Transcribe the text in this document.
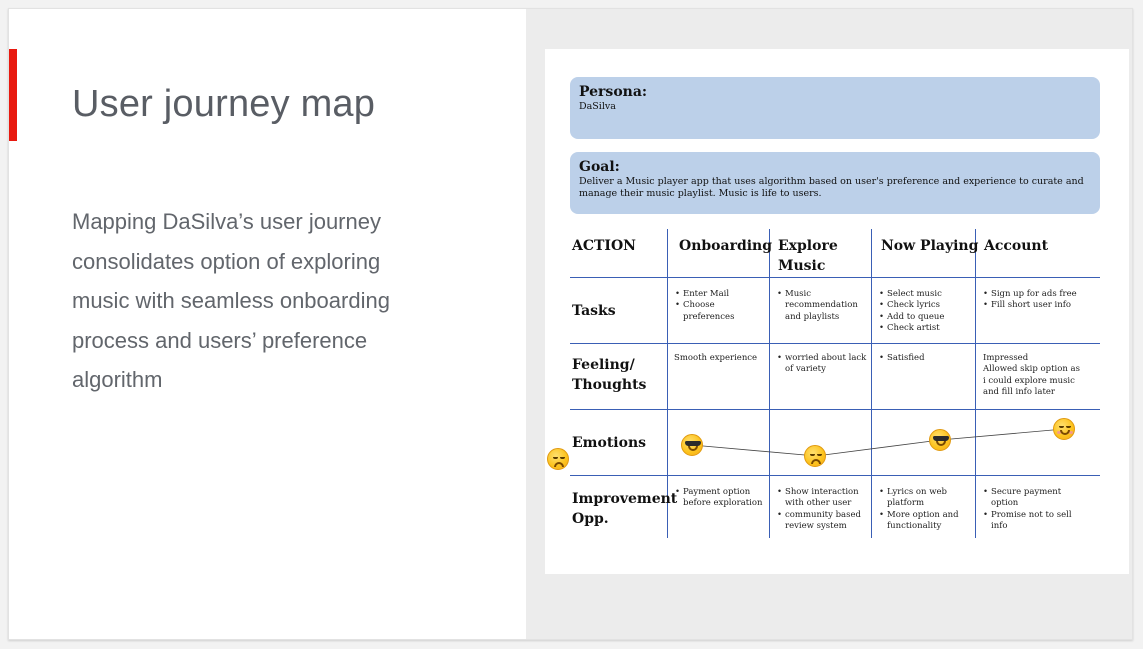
User journey map

Mapping DaSilva’s user journey consolidates option of exploring music with seamless onboarding process and users’ preference algorithm

Persona:
DaSilva
Goal:
Deliver a Music player app that uses algorithm based on user's preference and experience to curate and manage their music playlist. Music is life to users.
ACTION	Onboarding Explore Music
Now Playing Account
Tasks
• Enter Mail
• Choose preferences
• Music recommendation and playlists
• Select music
• Check lyrics
• Add to queue
• Check artist
• Sign up for ads free
• Fill short user info
Feeling/ Thoughts
Smooth experience
•	worried about lack of variety
• Satisfied	Impressed
Allowed skip option as i could explore music and fill info later
Emotions
Improvement Opp.
• Payment option before exploration
• Show interaction with other user
• community based review system
• Lyrics on web platform
• More option and functionality
• Secure payment option
• Promise not to sell info
